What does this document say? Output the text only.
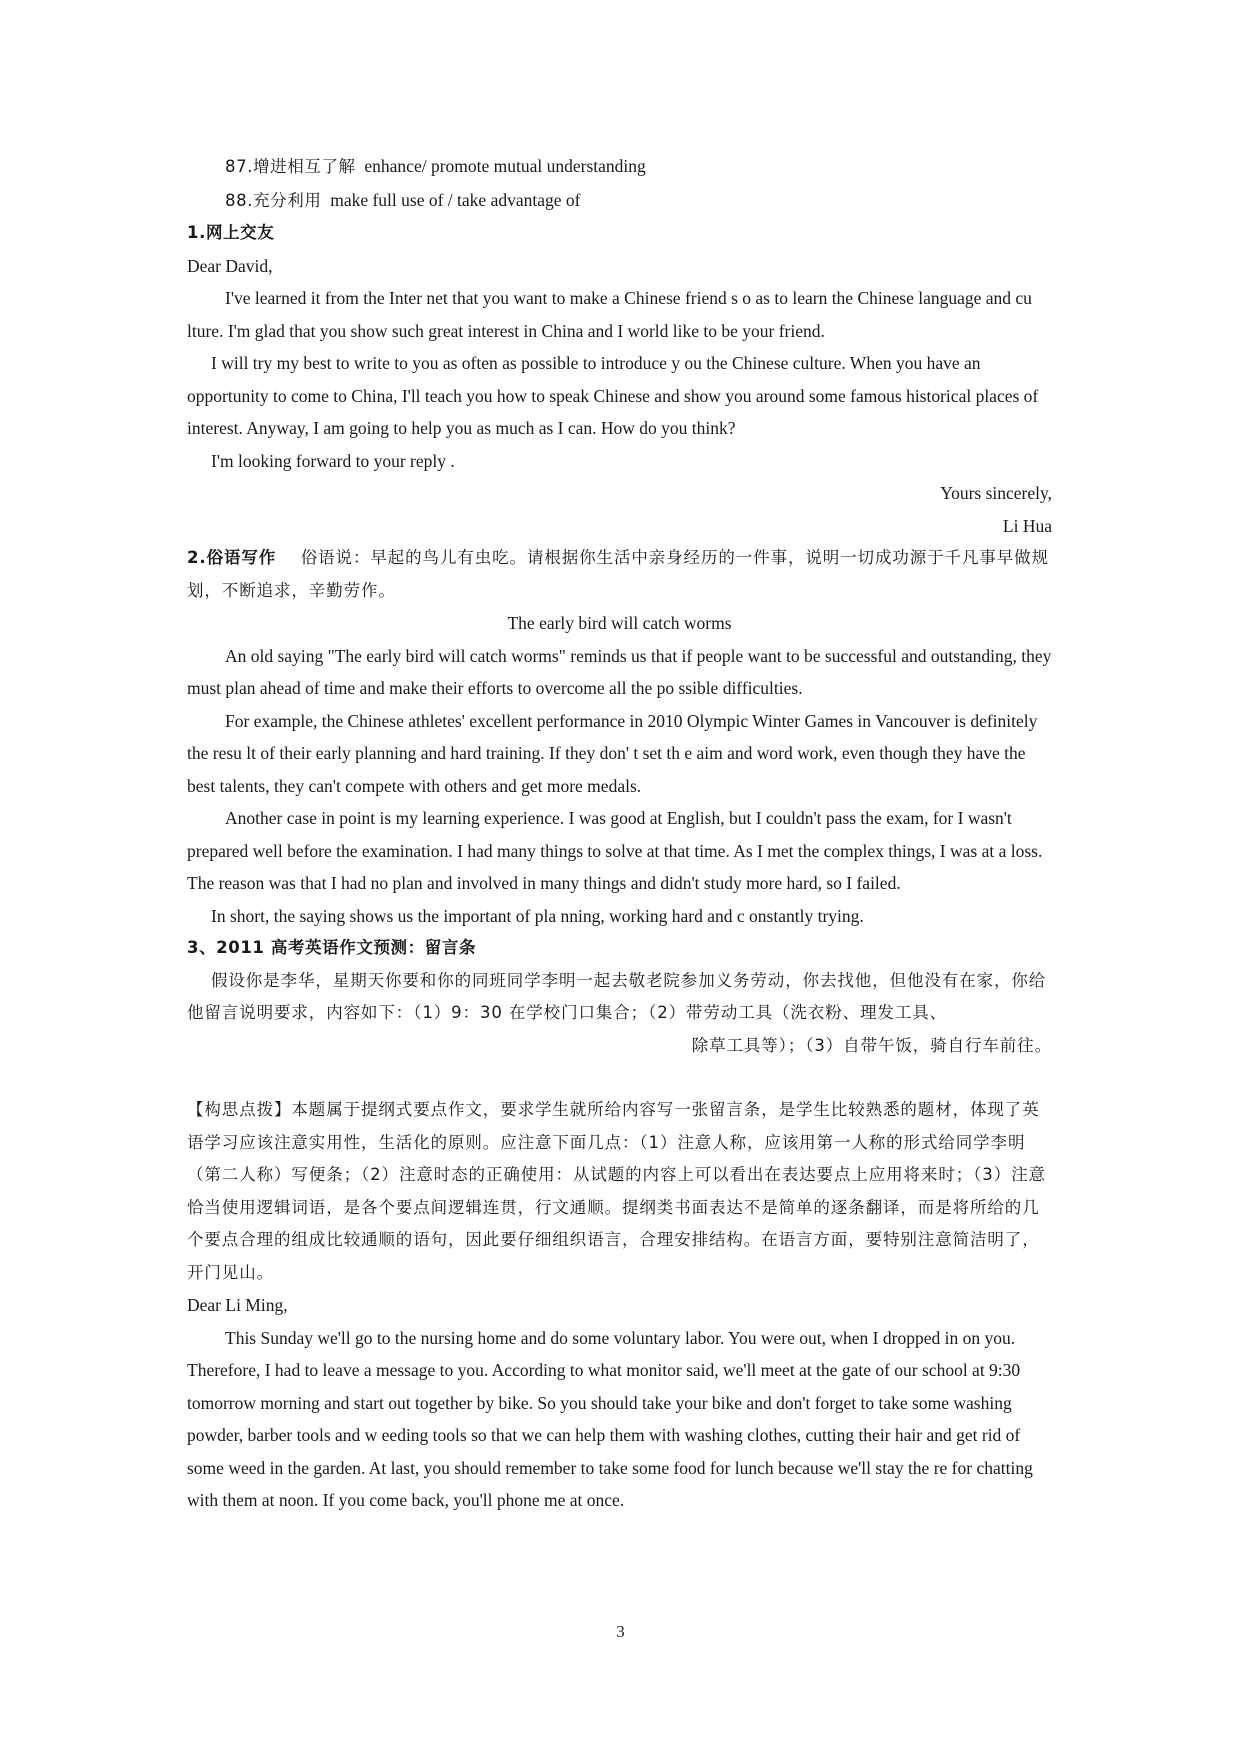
87.增进相互了解 enhance/ promote mutual understanding

88.充分利用 make full use of / take advantage of

1.网上交友

Dear David,

I've learned it from the Inter net that you want to make a Chinese friend s o as to learn the Chinese language and cu lture. I'm glad that you show such great interest in China and I world like to be your friend.

I will try my best to write to you as often as possible to introduce y ou the Chinese culture. When you have an opportunity to come to China, I'll teach you how to speak Chinese and show you around some famous historical places of interest. Anyway, I am going to help you as much as I can. How do you think?

I'm looking forward to your reply .

Yours sincerely,

Li Hua

2.俗语写作 俗语说：早起的鸟儿有虫吃。请根据你生活中亲身经历的一件事，说明一切成功源于千凡事早做规划，不断追求，辛勤劳作。

The early bird will catch worms

An old saying "The early bird will catch worms" reminds us that if people want to be successful and outstanding, they must plan ahead of time and make their efforts to overcome all the po ssible difficulties.

For example, the Chinese athletes' excellent performance in 2010 Olympic Winter Games in Vancouver is definitely the resu lt of their early planning and hard training. If they don' t set th e aim and word work, even though they have the best talents, they can't compete with others and get more medals.

Another case in point is my learning experience. I was good at English, but I couldn't pass the exam, for I wasn't prepared well before the examination. I had many things to solve at that time. As I met the complex things, I was at a loss. The reason was that I had no plan and involved in many things and didn't study more hard, so I failed.

In short, the saying shows us the important of pla nning, working hard and c onstantly trying.

3、2011 高考英语作文预测：留言条

假设你是李华，星期天你要和你的同班同学李明一起去敬老院参加义务劳动，你去找他，但他没有在家，你给他留言说明要求，内容如下：（1）9：30 在学校门口集合；（2）带劳动工具（洗衣粉、理发工具、

除草工具等）；（3）自带午饭，骑自行车前往。

【构思点拨】本题属于提纲式要点作文，要求学生就所给内容写一张留言条，是学生比较熟悉的题材，体现了英语学习应该注意实用性，生活化的原则。应注意下面几点：（1）注意人称，应该用第一人称的形式给同学李明（第二人称）写便条；（2）注意时态的正确使用：从试题的内容上可以看出在表达要点上应用将来时；（3）注意恰当使用逻辑词语，是各个要点间逻辑连贯，行文通顺。提纲类书面表达不是简单的逐条翻译，而是将所给的几个要点合理的组成比较通顺的语句，因此要仔细组织语言，合理安排结构。在语言方面，要特别注意简洁明了，开门见山。

Dear Li Ming,

This Sunday we'll go to the nursing home and do some voluntary labor. You were out, when I dropped in on you. Therefore, I had to leave a message to you. According to what monitor said, we'll meet at the gate of our school at 9:30 tomorrow morning and start out together by bike. So you should take your bike and don't forget to take some washing powder, barber tools and w eeding tools so that we can help them with washing clothes, cutting their hair and get rid of some weed in the garden. At last, you should remember to take some food for lunch because we'll stay the re for chatting with them at noon. If you come back, you'll phone me at once.

3
